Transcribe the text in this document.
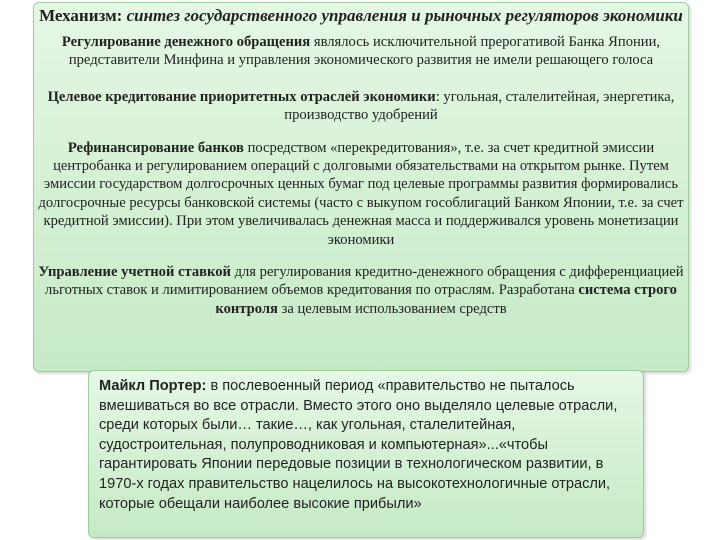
Механизм: синтез государственного управления и рыночных регуляторов экономики
Регулирование денежного обращения являлось исключительной прерогативой Банка Японии, представители Минфина и управления экономического развития не имели решающего голоса
Целевое кредитование приоритетных отраслей экономики: угольная, сталелитейная, энергетика, производство удобрений
Рефинансирование банков посредством «перекредитования», т.е. за счет кредитной эмиссии центробанка и регулированием операций с долговыми обязательствами на открытом рынке. Путем эмиссии государством долгосрочных ценных бумаг под целевые программы развития формировались долгосрочные ресурсы банковской системы (часто с выкупом гособлигаций Банком Японии, т.е. за счет кредитной эмиссии). При этом увеличивалась денежная масса и поддерживался уровень монетизации экономики
Управление учетной ставкой для регулирования кредитно-денежного обращения с дифференциацией льготных ставок и лимитированием объемов кредитования по отраслям. Разработана система строго контроля за целевым использованием средств
Майкл Портер: в послевоенный период «правительство не пыталось вмешиваться во все отрасли. Вместо этого оно выделяло целевые отрасли, среди которых были… такие…, как угольная, сталелитейная, судостроительная, полупроводниковая и компьютерная»...«чтобы гарантировать Японии передовые позиции в технологическом развитии, в 1970-х годах правительство нацелилось на высокотехнологичные отрасли, которые обещали наиболее высокие прибыли»
